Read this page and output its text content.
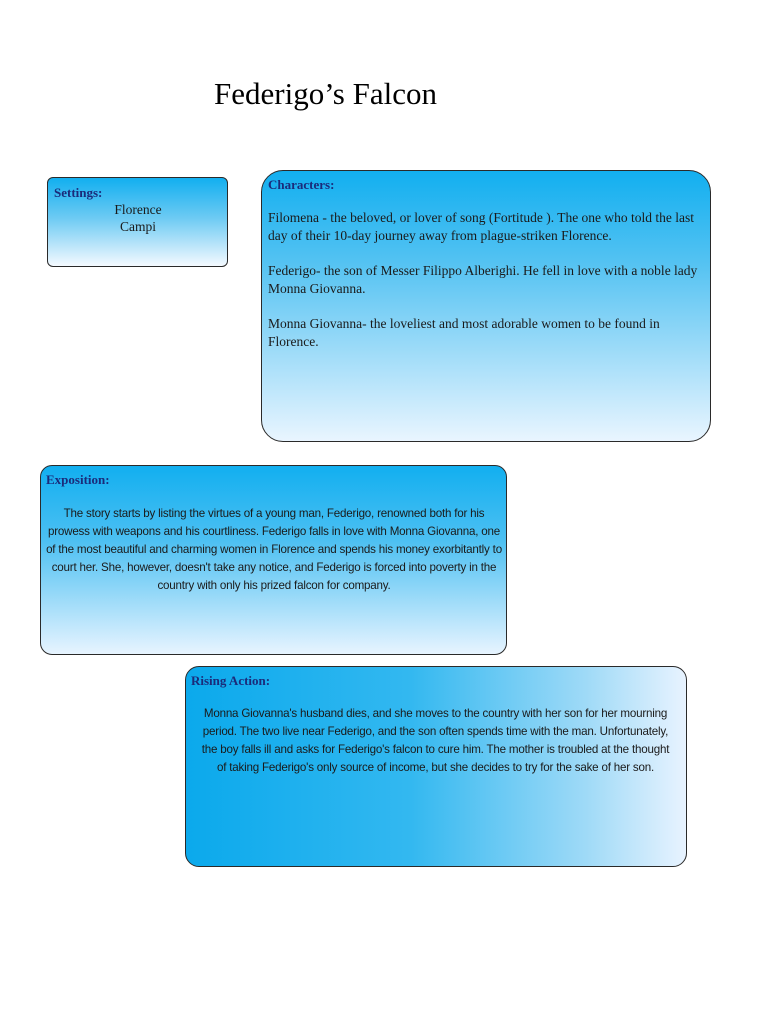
Federigo’s Falcon
Settings:
Florence
Campi
Characters:

Filomena - the beloved, or lover of song (Fortitude ). The one who told the last day of their 10-day journey away from plague-striken Florence.

Federigo- the son of Messer Filippo Alberighi. He fell in love with a noble lady Monna Giovanna.

Monna Giovanna- the loveliest and most adorable women to be found in Florence.

Exposition:

The story starts by listing the virtues of a young man, Federigo, renowned both for his prowess with weapons and his courtliness. Federigo falls in love with Monna Giovanna, one of the most beautiful and charming women in Florence and spends his money exorbitantly to court her. She, however, doesn't take any notice, and Federigo is forced into poverty in the country with only his prized falcon for company.

Rising Action:

Monna Giovanna's husband dies, and she moves to the country with her son for her mourning period. The two live near Federigo, and the son often spends time with the man. Unfortunately, the boy falls ill and asks for Federigo's falcon to cure him. The mother is troubled at the thought of taking Federigo's only source of income, but she decides to try for the sake of her son.
